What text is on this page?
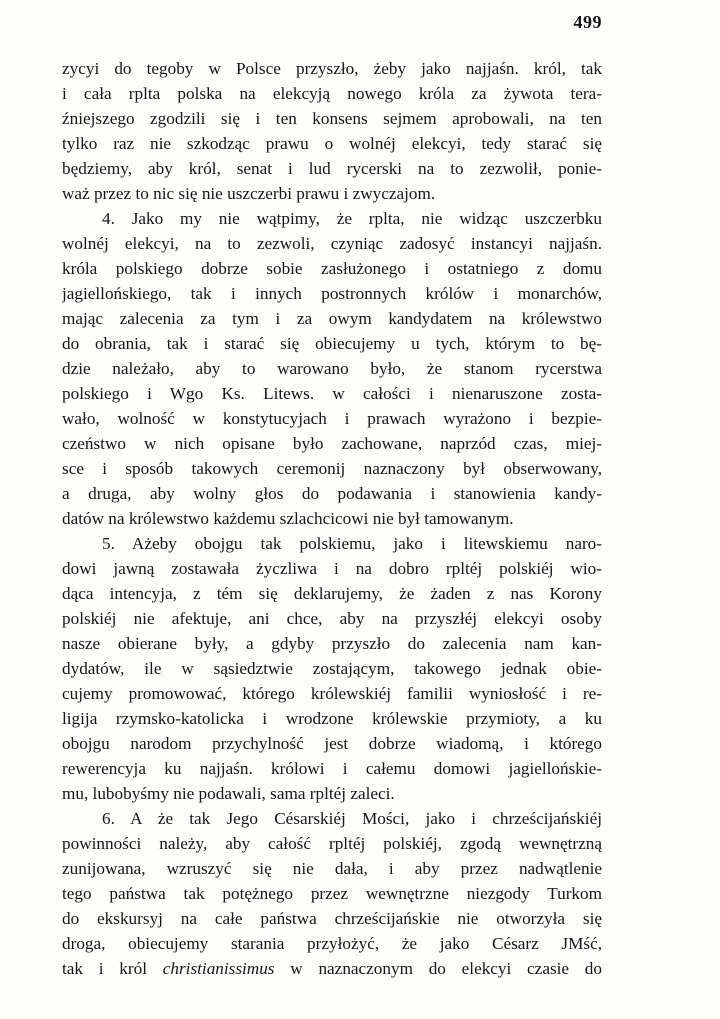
499
zycyi do tegoby w Polsce przyszło, żeby jako najjaśn. król, tak
i cała rplta polska na elekcyją nowego króla za żywota tera-
źniejszego zgodzili się i ten konsens sejmem aprobowali, na ten
tylko raz nie szkodząc prawu o wolnéj elekcyi, tedy starać się
będziemy, aby król, senat i lud rycerski na to zezwolił, ponie-
waż przez to nic się nie uszczerbi prawu i zwyczajom.
4. Jako my nie wątpimy, że rplta, nie widząc uszczerbku
wolnéj elekcyi, na to zezwoli, czyniąc zadosyć instancyi najjaśn.
króla polskiego dobrze sobie zasłużonego i ostatniego z domu
jagiellońskiego, tak i innych postronnych królów i monarchów,
mając zalecenia za tym i za owym kandydatem na królewstwo
do obrania, tak i starać się obiecujemy u tych, którym to bę-
dzie należało, aby to warowano było, że stanom rycerstwa
polskiego i Wgo Ks. Litews. w całości i nienaruszone zosta-
wało, wolność w konstytucyjach i prawach wyrażono i bezpie-
czeństwo w nich opisane było zachowane, naprzód czas, miej-
sce i sposób takowych ceremonij naznaczony był obserwowany,
a druga, aby wolny głos do podawania i stanowienia kandy-
datów na królewstwo każdemu szlachcicowi nie był tamowanym.
5. Ażeby obojgu tak polskiemu, jako i litewskiemu naro-
dowi jawną zostawała życzliwa i na dobro rpltéj polskiéj wio-
dąca intencyja, z tém się deklarujemy, że żaden z nas Korony
polskiéj nie afektuje, ani chce, aby na przyszłéj elekcyi osoby
nasze obierane były, a gdyby przyszło do zalecenia nam kan-
dydatów, ile w sąsiedztwie zostającym, takowego jednak obie-
cujemy promowować, którego królewskiéj familii wyniosłość i re-
ligija rzymsko-katolicka i wrodzone królewskie przymioty, a ku
obojgu narodom przychylność jest dobrze wiadomą, i którego
rewerencyja ku najjaśn. królowi i całemu domowi jagiellońskie-
mu, lubobyśmy nie podawali, sama rpltéj zaleci.
6. A że tak Jego Césarskiéj Mości, jako i chrześcijańskiéj
powinności należy, aby całość rpltéj polskiéj, zgodą wewnętrzną
zunijowana, wzruszyć się nie dała, i aby przez nadwątlenie
tego państwa tak potężnego przez wewnętrzne niezgody Turkom
do ekskursyj na całe państwa chrześcijańskie nie otworzyła się
droga, obiecujemy starania przyłożyć, że jako Césarz JMść,
tak i król christianissimus w naznaczonym do elekcyi czasie do
